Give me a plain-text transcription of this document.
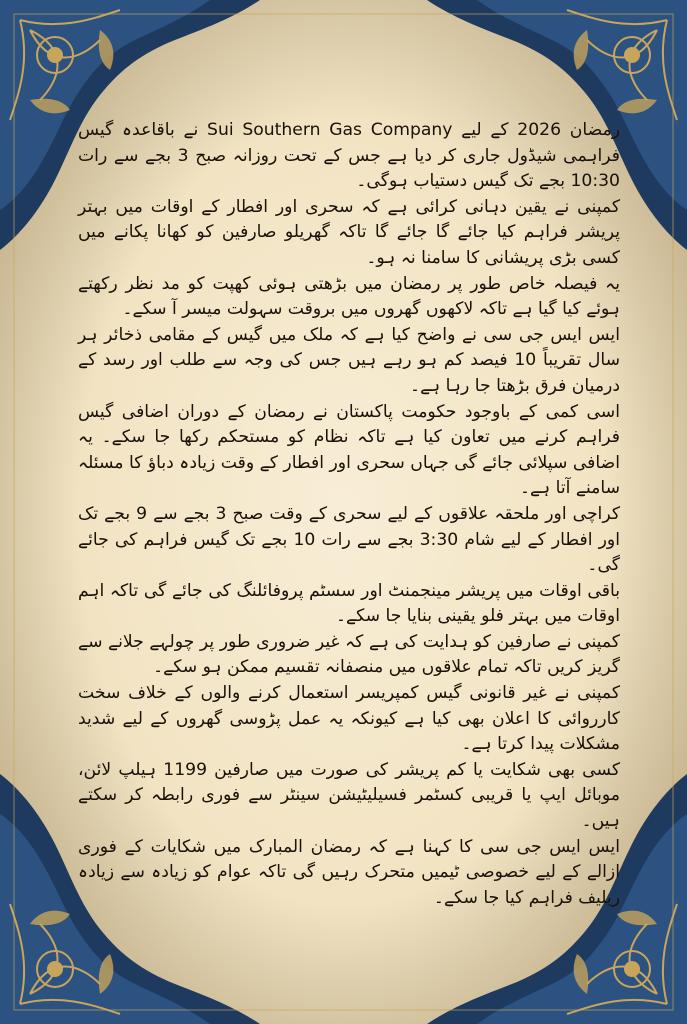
رمضان 2026 کے لیے Sui Southern Gas Company نے باقاعدہ گیس فراہمی شیڈول جاری کر دیا ہے جس کے تحت روزانہ صبح 3 بجے سے رات 10:30 بجے تک گیس دستیاب ہوگی۔

کمپنی نے یقین دہانی کرائی ہے کہ سحری اور افطار کے اوقات میں بہتر پریشر فراہم کیا جائے گا جائے گا تاکہ گھریلو صارفین کو کھانا پکانے میں کسی بڑی پریشانی کا سامنا نہ ہو۔

یہ فیصلہ خاص طور پر رمضان میں بڑھتی ہوئی کھپت کو مد نظر رکھتے ہوئے کیا گیا ہے تاکہ لاکھوں گھروں میں بروقت سہولت میسر آ سکے۔

ایس ایس جی سی نے واضح کیا ہے کہ ملک میں گیس کے مقامی ذخائر ہر سال تقریباً 10 فیصد کم ہو رہے ہیں جس کی وجہ سے طلب اور رسد کے درمیان فرق بڑھتا جا رہا ہے۔

اسی کمی کے باوجود حکومت پاکستان نے رمضان کے دوران اضافی گیس فراہم کرنے میں تعاون کیا ہے تاکہ نظام کو مستحکم رکھا جا سکے۔ یہ اضافی سپلائی جائے گی جہاں سحری اور افطار کے وقت زیادہ دباؤ کا مسئلہ سامنے آتا ہے۔

کراچی اور ملحقہ علاقوں کے لیے سحری کے وقت صبح 3 بجے سے 9 بجے تک اور افطار کے لیے شام 3:30 بجے سے رات 10 بجے تک گیس فراہم کی جائے گی۔

باقی اوقات میں پریشر مینجمنٹ اور سسٹم پروفائلنگ کی جائے گی تاکہ اہم اوقات میں بہتر فلو یقینی بنایا جا سکے۔

کمپنی نے صارفین کو ہدایت کی ہے کہ غیر ضروری طور پر چولہے جلانے سے گریز کریں تاکہ تمام علاقوں میں منصفانہ تقسیم ممکن ہو سکے۔

کمپنی نے غیر قانونی گیس کمپریسر استعمال کرنے والوں کے خلاف سخت کارروائی کا اعلان بھی کیا ہے کیونکہ یہ عمل پڑوسی گھروں کے لیے شدید مشکلات پیدا کرتا ہے۔

کسی بھی شکایت یا کم پریشر کی صورت میں صارفین 1199 ہیلپ لائن، موبائل ایپ یا قریبی کسٹمر فسیلیٹیشن سینٹر سے فوری رابطہ کر سکتے ہیں۔

ایس ایس جی سی کا کہنا ہے کہ رمضان المبارک میں شکایات کے فوری ازالے کے لیے خصوصی ٹیمیں متحرک رہیں گی تاکہ عوام کو زیادہ سے زیادہ ریلیف فراہم کیا جا سکے۔
